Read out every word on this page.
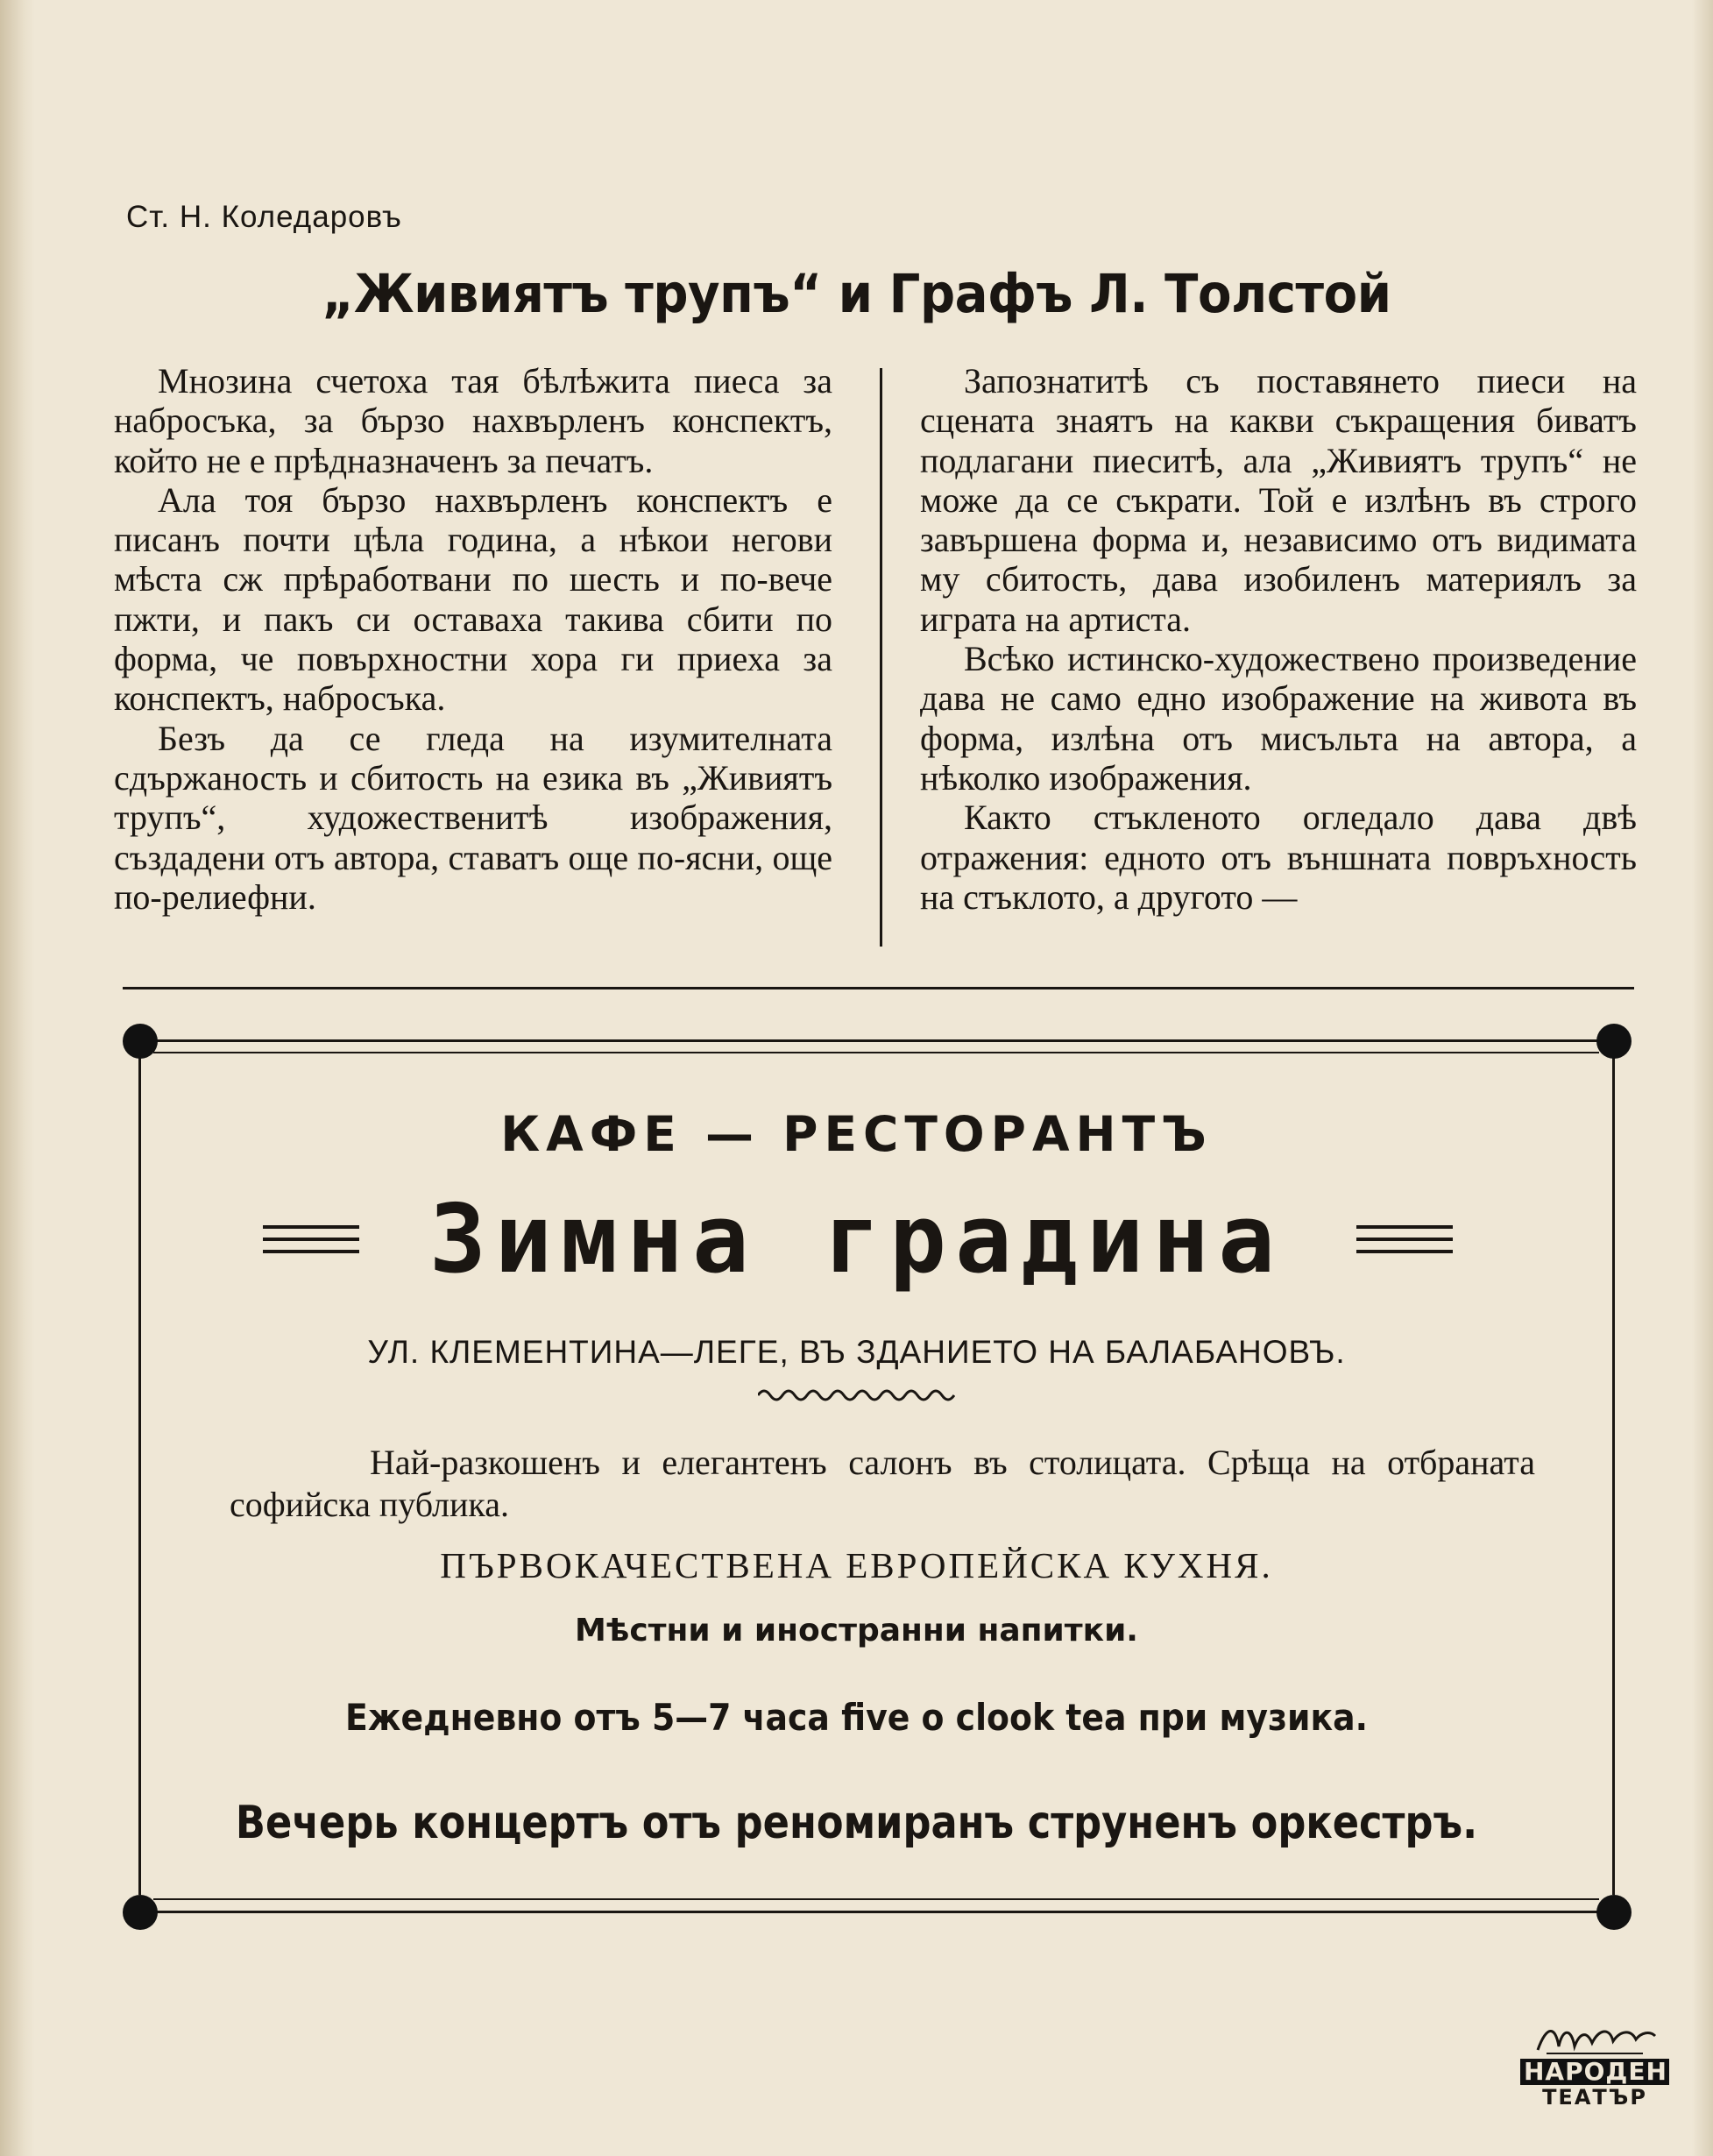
Ст. Н. Коледаровъ
„Живиятъ трупъ“ и Графъ Л. Толстой

Мнозина счетоха тая бѣлѣжита пиеса за набросъка, за бързо нахвърленъ конспектъ, който не е прѣдназначенъ за печатъ.

Ала тоя бързо нахвърленъ конспектъ е писанъ почти цѣла година, а нѣкои негови мѣста сж прѣработвани по шесть и по-вече пжти, и пакъ си оставаха такива сбити по форма, че повърхностни хора ги приеха за конспектъ, набросъка.

Безъ да се гледа на изумителната сдържаность и сбитость на езика въ „Живиятъ трупъ“, художественитѣ изображения, създадени отъ автора, ставатъ още по-ясни, още по-релиефни.

Запознатитѣ съ поставянето пиеси на сцената знаятъ на какви съкращения биватъ подлагани пиеситѣ, ала „Живиятъ трупъ“ не може да се съкрати. Той е излѣнъ въ строго завършена форма и, независимо отъ видимата му сбитость, дава изобиленъ материялъ за играта на артиста.

Всѣко истинско-художествено произведение дава не само едно изображение на живота въ форма, излѣна отъ мисъльта на автора, а нѣколко изображения.

Както стъкленото огледало дава двѣ отражения: едното отъ външната повръхность на стъклото, а другото —

КАФЕ — РЕСТОРАНТЪ
Зимна градина
УЛ. КЛЕМЕНТИНА—ЛЕГЕ, ВЪ ЗДАНИЕТО НА БАЛАБАНОВЪ.

Най-разкошенъ и елегантенъ салонъ въ столицата. Срѣща на отбраната софийска публика.

ПЪРВОКАЧЕСТВЕНА ЕВРОПЕЙСКА КУХНЯ.
Мѣстни и иностранни напитки.
Ежедневно отъ 5—7 часа five o clook tea при музика.
Вечерь концертъ отъ реномиранъ струненъ оркестръ.
НАРОДЕН
ТЕАТЪР
